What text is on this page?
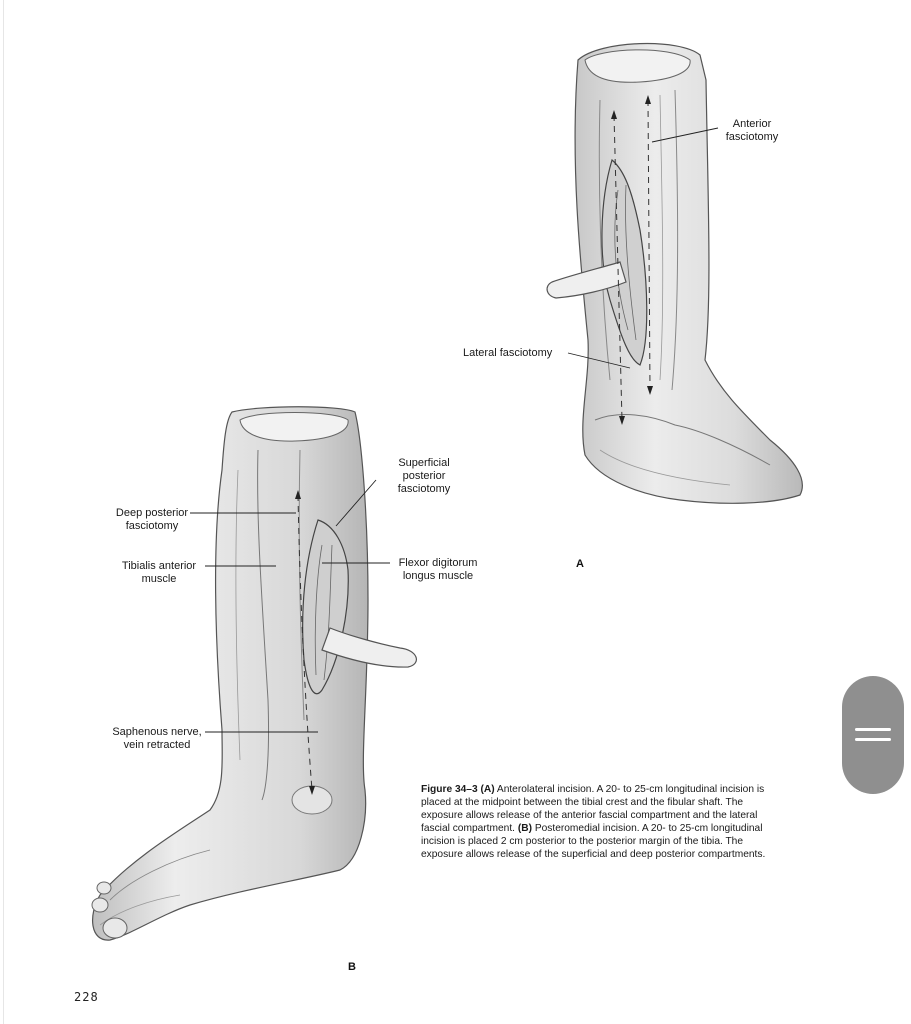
Anterior
fasciotomy
Lateral fasciotomy
A
Superficial
posterior
fasciotomy
Deep posterior
fasciotomy
Tibialis anterior
muscle
Flexor digitorum
longus muscle
Saphenous nerve,
vein retracted
B
Figure 34–3 (A) Anterolateral incision. A 20- to 25-cm longitudinal incision is placed at the midpoint between the tibial crest and the fibular shaft. The exposure allows release of the anterior fascial compartment and the lateral fascial compartment. (B) Posteromedial incision. A 20- to 25-cm longitudinal incision is placed 2 cm posterior to the posterior margin of the tibia. The exposure allows release of the superficial and deep posterior compartments.
228
